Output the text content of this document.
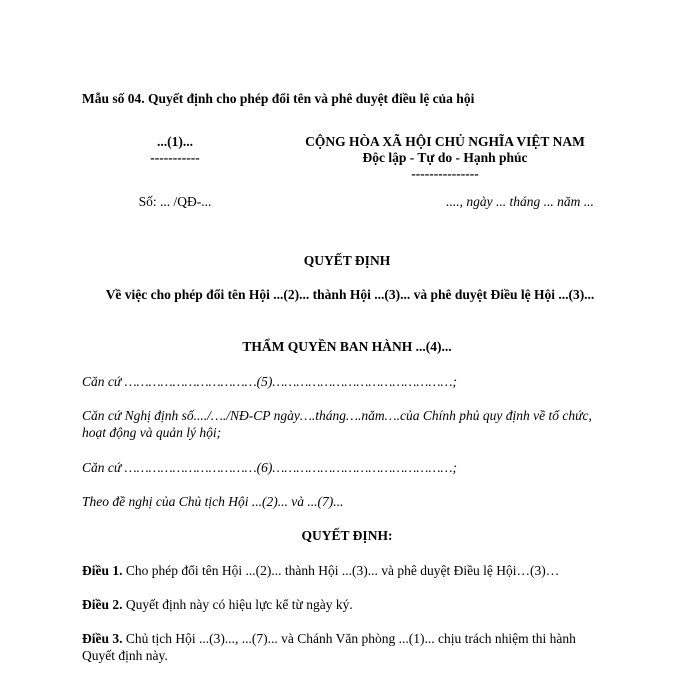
Mẫu số 04. Quyết định cho phép đổi tên và phê duyệt điều lệ của hội
...(1)...
-----------
CỘNG HÒA XÃ HỘI CHỦ NGHĨA VIỆT NAM
Độc lập - Tự do - Hạnh phúc
---------------
Số: ... /QĐ-...	...., ngày ... tháng ... năm ...
QUYẾT ĐỊNH
Về việc cho phép đổi tên Hội ...(2)... thành Hội ...(3)... và phê duyệt Điều lệ Hội ...(3)...
THẨM QUYỀN BAN HÀNH ...(4)...
Căn cứ ……………………………(5)………………………………………;
Căn cứ Nghị định số..../…./NĐ-CP ngày….tháng….năm….của Chính phủ quy định về tổ chức, hoạt động và quản lý hội;
Căn cứ ……………………………(6)………………………………………;
Theo đề nghị của Chủ tịch Hội ...(2)... và ...(7)...
QUYẾT ĐỊNH:
Điều 1. Cho phép đổi tên Hội ...(2)... thành Hội ...(3)... và phê duyệt Điều lệ Hội…(3)…
Điều 2. Quyết định này có hiệu lực kể từ ngày ký.
Điều 3. Chủ tịch Hội ...(3)..., ...(7)... và Chánh Văn phòng ...(1)... chịu trách nhiệm thi hành Quyết định này.
